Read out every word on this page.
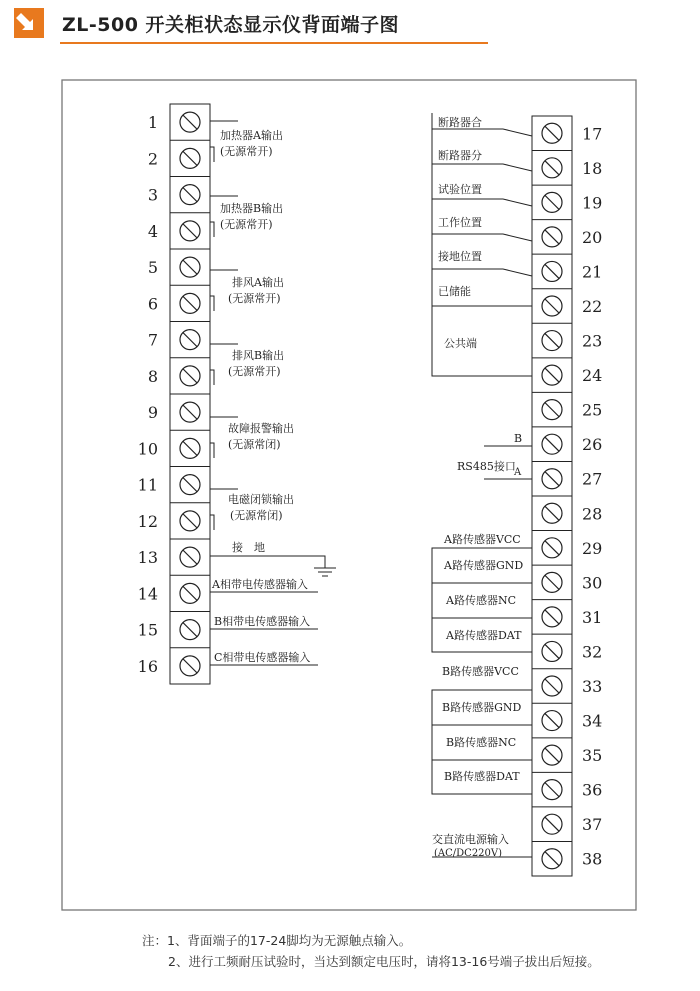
ZL-500 开关柜状态显示仪背面端子图
1
2
3
4
5
6
7
8
9
10
11
12
13
14
15
16
17
18
19
20
21
22
23
24
25
26
27
28
29
30
31
32
33
34
35
36
37
38
加热器A输出
(无源常开)
加热器B输出
(无源常开)
排风A输出
(无源常开)
排风B输出
(无源常开)
故障报警输出
(无源常闭)
电磁闭锁输出
(无源常闭)
接　地
A相带电传感器输入
B相带电传感器输入
C相带电传感器输入
断路器合
断路器分
试验位置
工作位置
接地位置
已储能
公共端
B
RS485接口
A
A路传感器VCC
A路传感器GND
A路传感器NC
A路传感器DAT
B路传感器VCC
B路传感器GND
B路传感器NC
B路传感器DAT
交直流电源输入
(AC/DC220V)
注：1、背面端子的17-24脚均为无源触点输入。
2、进行工频耐压试验时，当达到额定电压时，请将13-16号端子拔出后短接。
